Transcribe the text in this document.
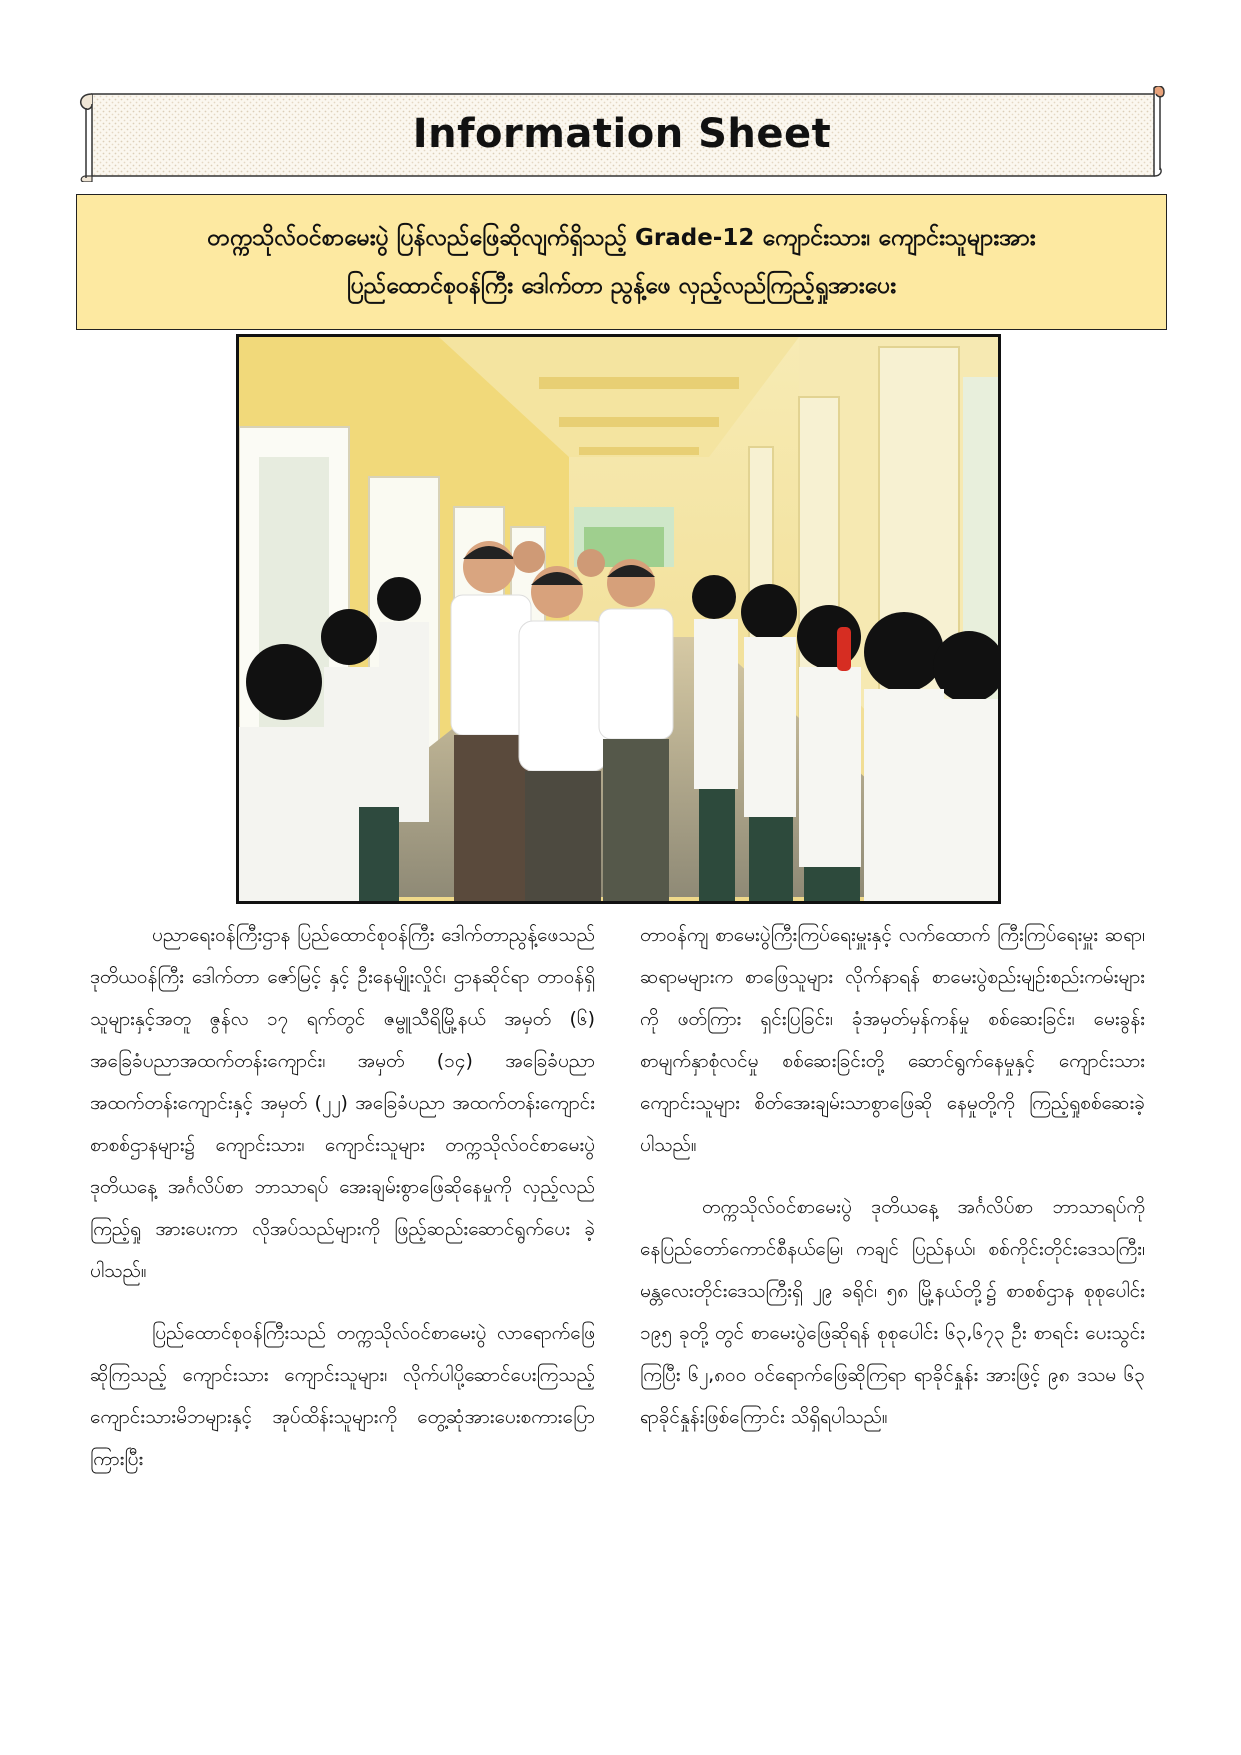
Information Sheet
တက္ကသိုလ်ဝင်စာမေးပွဲ ပြန်လည်ဖြေဆိုလျက်ရှိသည့် Grade-12 ကျောင်းသား၊ ကျောင်းသူများအား
ပြည်ထောင်စုဝန်ကြီး ဒေါက်တာ ညွန့်ဖေ လှည့်လည်ကြည့်ရှုအားပေး

ပညာရေးဝန်ကြီးဌာန ပြည်ထောင်စုဝန်ကြီး ဒေါက်တာညွန့်ဖေသည် ဒုတိယဝန်ကြီး ဒေါက်တာ ဇော်မြင့် နှင့် ဦးနေမျိုးလှိုင်၊ ဌာနဆိုင်ရာ တာဝန်ရှိသူများနှင့်အတူ ဇွန်လ ၁၇ ရက်တွင် ဇမ္ဗူသီရိမြို့နယ် အမှတ် (၆) အခြေခံပညာအထက်တန်းကျောင်း၊ အမှတ် (၁၄) အခြေခံပညာ အထက်တန်းကျောင်းနှင့် အမှတ် (၂၂) အခြေခံပညာ အထက်တန်းကျောင်း စာစစ်ဌာနများ၌ ကျောင်းသား၊ ကျောင်းသူများ တက္ကသိုလ်ဝင်စာမေးပွဲ ဒုတိယနေ့ အင်္ဂလိပ်စာ ဘာသာရပ် အေးချမ်းစွာဖြေဆိုနေမှုကို လှည့်လည်ကြည့်ရှု အားပေးကာ လိုအပ်သည်များကို ဖြည့်ဆည်းဆောင်ရွက်ပေး ခဲ့ပါသည်။

ပြည်ထောင်စုဝန်ကြီးသည် တက္ကသိုလ်ဝင်စာမေးပွဲ လာရောက်ဖြေဆိုကြသည့် ကျောင်းသား ကျောင်းသူများ၊ လိုက်ပါပို့ဆောင်ပေးကြသည့် ကျောင်းသားမိဘများနှင့် အုပ်ထိန်းသူများကို တွေ့ဆုံအားပေးစကားပြောကြားပြီး

တာဝန်ကျ စာမေးပွဲကြီးကြပ်ရေးမှူးနှင့် လက်ထောက် ကြီးကြပ်ရေးမှူး ဆရာ၊ ဆရာမများက စာဖြေသူများ လိုက်နာရန် စာမေးပွဲစည်းမျဉ်းစည်းကမ်းများကို ဖတ်ကြား ရှင်းပြခြင်း၊ ခုံအမှတ်မှန်ကန်မှု စစ်ဆေးခြင်း၊ မေးခွန်း စာမျက်နှာစုံလင်မှု စစ်ဆေးခြင်းတို့ ဆောင်ရွက်နေမှုနှင့် ကျောင်းသား ကျောင်းသူများ စိတ်အေးချမ်းသာစွာဖြေဆို နေမှုတို့ကို ကြည့်ရှုစစ်ဆေးခဲ့ပါသည်။

တက္ကသိုလ်ဝင်စာမေးပွဲ ဒုတိယနေ့ အင်္ဂလိပ်စာ ဘာသာရပ်ကို နေပြည်တော်ကောင်စီနယ်မြေ၊ ကချင် ပြည်နယ်၊ စစ်ကိုင်းတိုင်းဒေသကြီး၊ မန္တလေးတိုင်းဒေသကြီးရှိ ၂၉ ခရိုင်၊ ၅၈ မြို့နယ်တို့၌ စာစစ်ဌာန စုစုပေါင်း ၁၉၅ ခုတို့ တွင် စာမေးပွဲဖြေဆိုရန် စုစုပေါင်း ၆၃,၆၇၃ ဦး စာရင်း ပေးသွင်းကြပြီး ၆၂,၈၀၀ ဝင်ရောက်ဖြေဆိုကြရာ ရာခိုင်နှုန်း အားဖြင့် ၉၈ ဒသမ ၆၃ ရာခိုင်နှုန်းဖြစ်ကြောင်း သိရှိရပါသည်။
